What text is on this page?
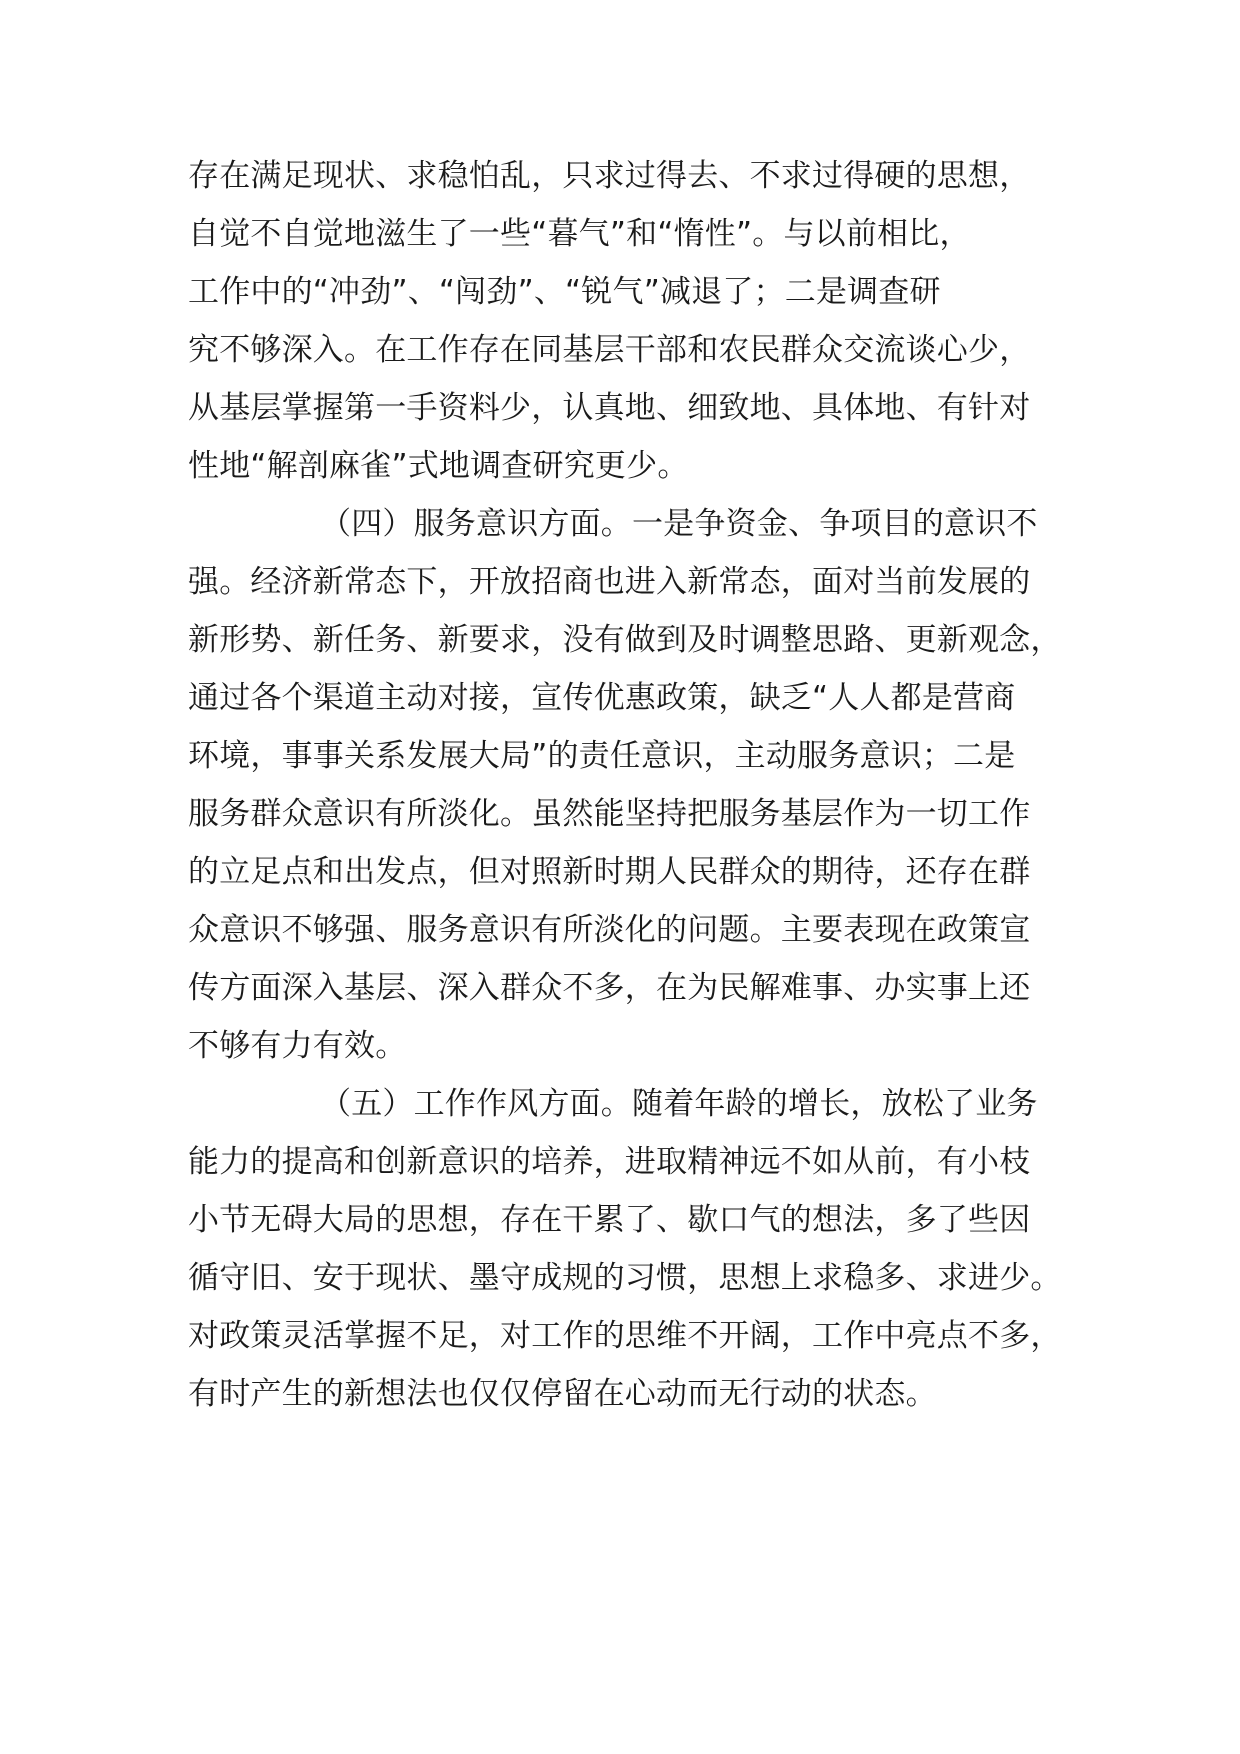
存在满足现状、求稳怕乱，只求过得去、不求过得硬的思想，
自觉不自觉地滋生了一些“暮气”和“惰性”。与以前相比，
工作中的“冲劲”、“闯劲”、“锐气”减退了；二是调查研
究不够深入。在工作存在同基层干部和农民群众交流谈心少，
从基层掌握第一手资料少，认真地、细致地、具体地、有针对
性地“解剖麻雀”式地调查研究更少。
（四）服务意识方面。一是争资金、争项目的意识不
强。经济新常态下，开放招商也进入新常态，面对当前发展的
新形势、新任务、新要求，没有做到及时调整思路、更新观念，
通过各个渠道主动对接，宣传优惠政策，缺乏“人人都是营商
环境，事事关系发展大局”的责任意识，主动服务意识；二是
服务群众意识有所淡化。虽然能坚持把服务基层作为一切工作
的立足点和出发点，但对照新时期人民群众的期待，还存在群
众意识不够强、服务意识有所淡化的问题。主要表现在政策宣
传方面深入基层、深入群众不多，在为民解难事、办实事上还
不够有力有效。
（五）工作作风方面。随着年龄的增长，放松了业务
能力的提高和创新意识的培养，进取精神远不如从前，有小枝
小节无碍大局的思想，存在干累了、歇口气的想法，多了些因
循守旧、安于现状、墨守成规的习惯，思想上求稳多、求进少。
对政策灵活掌握不足，对工作的思维不开阔，工作中亮点不多，
有时产生的新想法也仅仅停留在心动而无行动的状态。
